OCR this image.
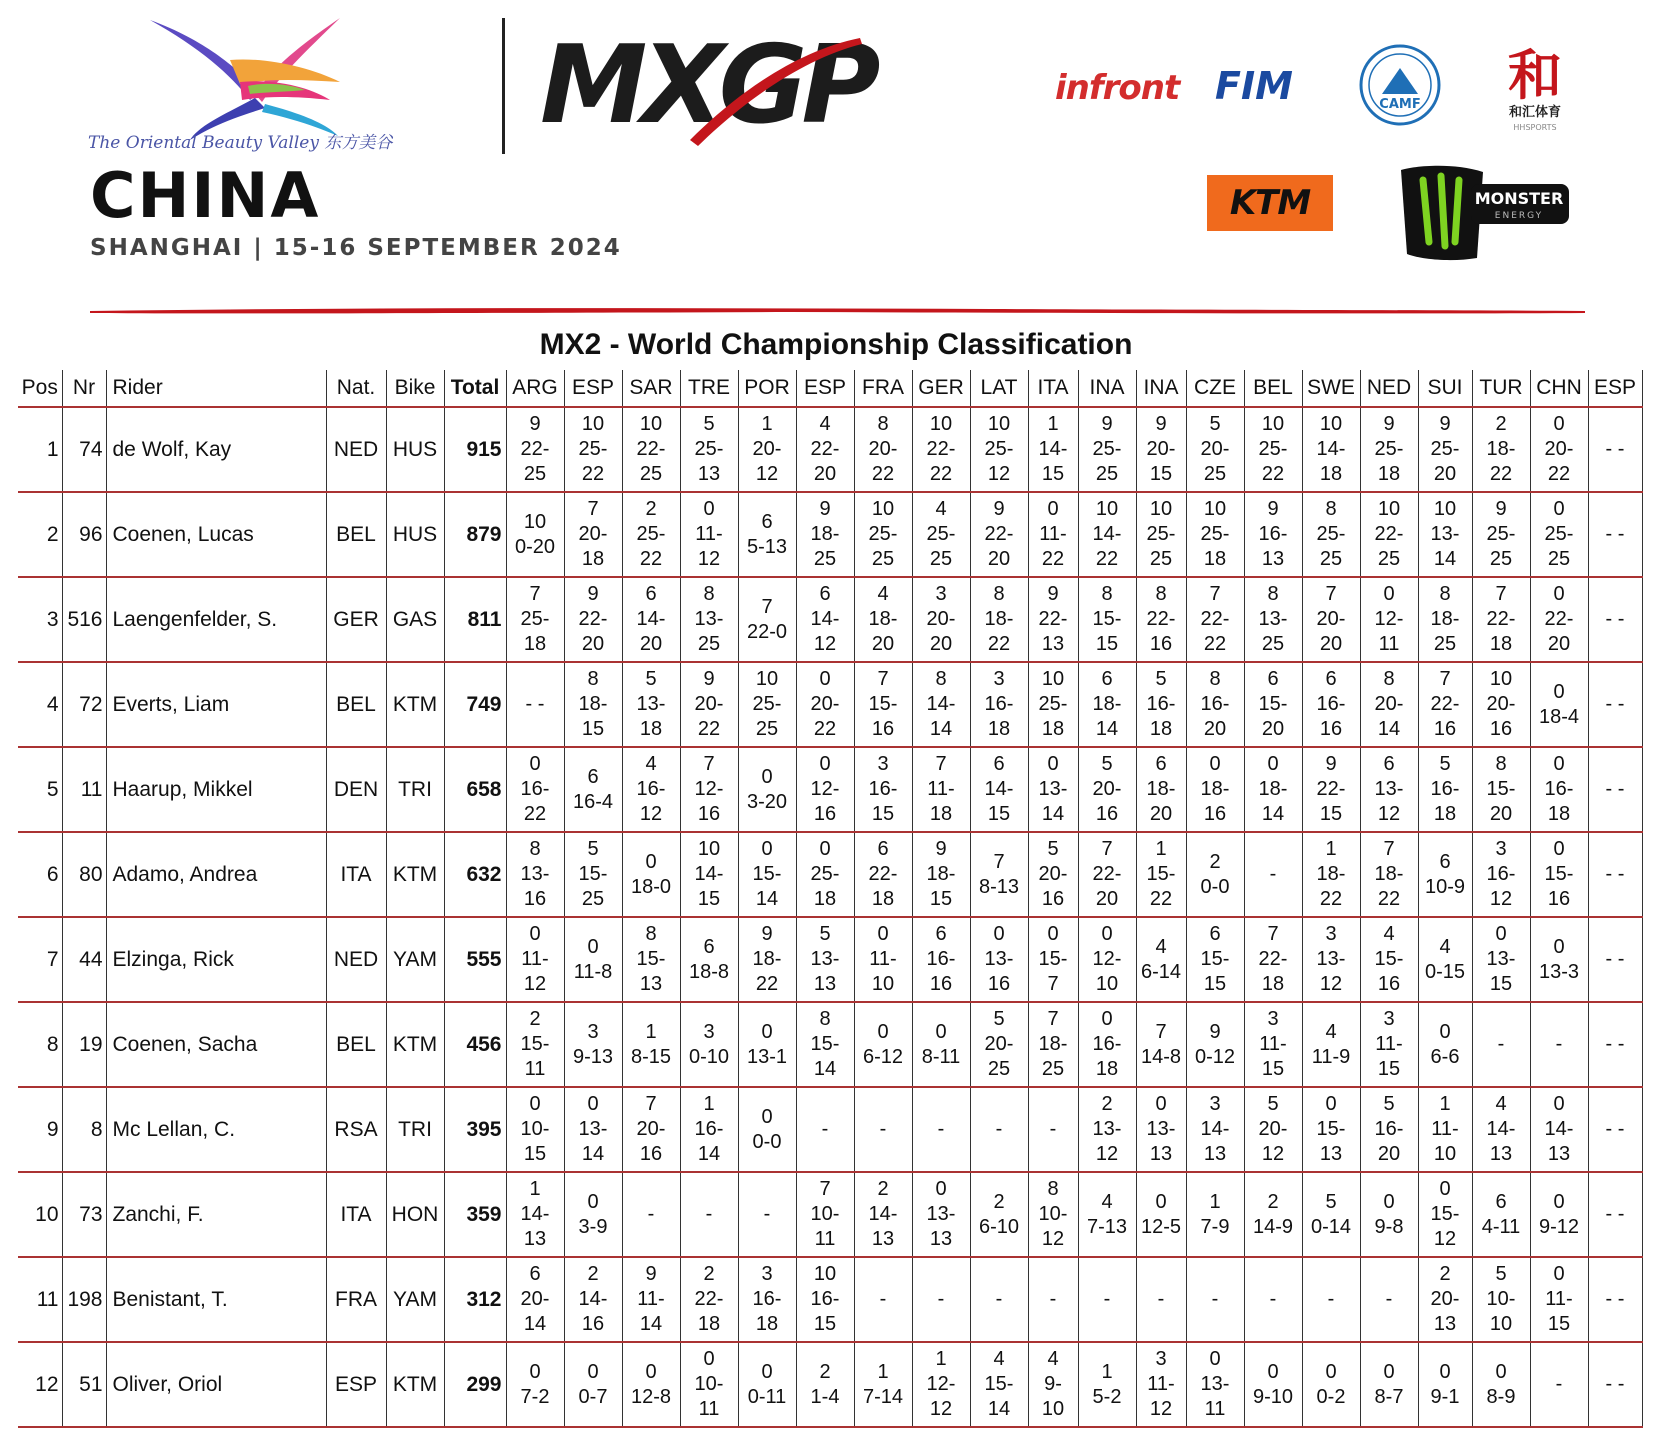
The Oriental Beauty Valley 东方美谷 MXGP
CHINA
SHANGHAI | 15-16 SEPTEMBER 2024
infront FIM	CAMF 和
和汇体育
HHSPORTS
KTM	MONSTER
ENERGY
MX2 - World Championship Classification
Pos	Nr	Rider	Nat.	Bike	Total	ARG	ESP	SAR	TRE	POR	ESP	FRA	GER	LAT	ITA	INA	INA	CZE	BEL	SWE	NED	SUI	TUR	CHN	ESP
1	74	de Wolf, Kay	NED	HUS	915	9
22-
25	10
25-
22	10
22-
25	5
25-
13	1
20-
12	4
22-
20	8
20-
22	10
22-
22	10
25-
12	1
14-
15	9
25-
25	9
20-
15	5
20-
25	10
25-
22	10
14-
18	9
25-
18	9
25-
20	2
18-
22	0
20-
22	- -
2	96	Coenen, Lucas	BEL	HUS	879	10
0-20	7
20-
18	2
25-
22	0
11-
12	6
5-13	9
18-
25	10
25-
25	4
25-
25	9
22-
20	0
11-
22	10
14-
22	10
25-
25	10
25-
18	9
16-
13	8
25-
25	10
22-
25	10
13-
14	9
25-
25	0
25-
25	- -
3	516	Laengenfelder, S.	GER	GAS	811	7
25-
18	9
22-
20	6
14-
20	8
13-
25	7
22-0	6
14-
12	4
18-
20	3
20-
20	8
18-
22	9
22-
13	8
15-
15	8
22-
16	7
22-
22	8
13-
25	7
20-
20	0
12-
11	8
18-
25	7
22-
18	0
22-
20	- -
4	72	Everts, Liam	BEL	KTM	749	- -	8
18-
15	5
13-
18	9
20-
22	10
25-
25	0
20-
22	7
15-
16	8
14-
14	3
16-
18	10
25-
18	6
18-
14	5
16-
18	8
16-
20	6
15-
20	6
16-
16	8
20-
14	7
22-
16	10
20-
16	0
18-4	- -
5	11	Haarup, Mikkel	DEN	TRI	658	0
16-
22	6
16-4	4
16-
12	7
12-
16	0
3-20	0
12-
16	3
16-
15	7
11-
18	6
14-
15	0
13-
14	5
20-
16	6
18-
20	0
18-
16	0
18-
14	9
22-
15	6
13-
12	5
16-
18	8
15-
20	0
16-
18	- -
6	80	Adamo, Andrea	ITA	KTM	632	8
13-
16	5
15-
25	0
18-0	10
14-
15	0
15-
14	0
25-
18	6
22-
18	9
18-
15	7
8-13	5
20-
16	7
22-
20	1
15-
22	2
0-0	-	1
18-
22	7
18-
22	6
10-9	3
16-
12	0
15-
16	- -
7	44	Elzinga, Rick	NED	YAM	555	0
11-
12	0
11-8	8
15-
13	6
18-8	9
18-
22	5
13-
13	0
11-
10	6
16-
16	0
13-
16	0
15-
7	0
12-
10	4
6-14	6
15-
15	7
22-
18	3
13-
12	4
15-
16	4
0-15	0
13-
15	0
13-3	- -
8	19	Coenen, Sacha	BEL	KTM	456	2
15-
11	3
9-13	1
8-15	3
0-10	0
13-1	8
15-
14	0
6-12	0
8-11	5
20-
25	7
18-
25	0
16-
18	7
14-8	9
0-12	3
11-
15	4
11-9	3
11-
15	0
6-6	-	-	- -
9	8	Mc Lellan, C.	RSA	TRI	395	0
10-
15	0
13-
14	7
20-
16	1
16-
14	0
0-0	-	-	-	-	-	2
13-
12	0
13-
13	3
14-
13	5
20-
12	0
15-
13	5
16-
20	1
11-
10	4
14-
13	0
14-
13	- -
10	73	Zanchi, F.	ITA	HON	359	1
14-
13	0
3-9	-	-	-	7
10-
11	2
14-
13	0
13-
13	2
6-10	8
10-
12	4
7-13	0
12-5	1
7-9	2
14-9	5
0-14	0
9-8	0
15-
12	6
4-11	0
9-12	- -
11	198	Benistant, T.	FRA	YAM	312	6
20-
14	2
14-
16	9
11-
14	2
22-
18	3
16-
18	10
16-
15	-	-	-	-	-	-	-	-	-	-	2
20-
13	5
10-
10	0
11-
15	- -
12	51	Oliver, Oriol	ESP	KTM	299	0
7-2	0
0-7	0
12-8	0
10-
11	0
0-11	2
1-4	1
7-14	1
12-
12	4
15-
14	4
9-
10	1
5-2	3
11-
12	0
13-
11	0
9-10	0
0-2	0
8-7	0
9-1	0
8-9	-	- -
